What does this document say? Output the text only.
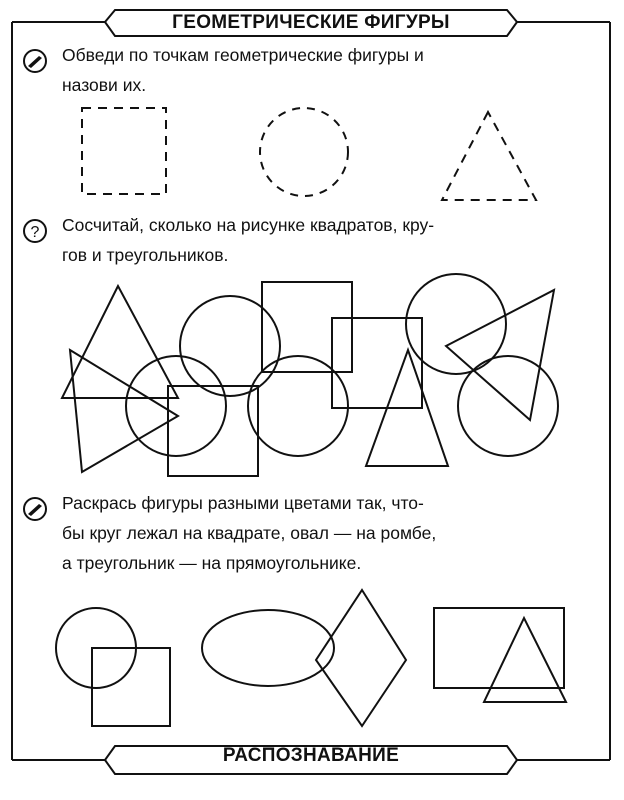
ГЕОМЕТРИЧЕСКИЕ ФИГУРЫ
РАСПОЗНАВАНИЕ
?
Обведи по точкам геометрические фигуры и
назови их.
Сосчитай, сколько на рисунке квадратов, кру-
гов и треугольников.
Раскрась фигуры разными цветами так, что-
бы круг лежал на квадрате, овал — на ромбе,
а треугольник — на прямоугольнике.
